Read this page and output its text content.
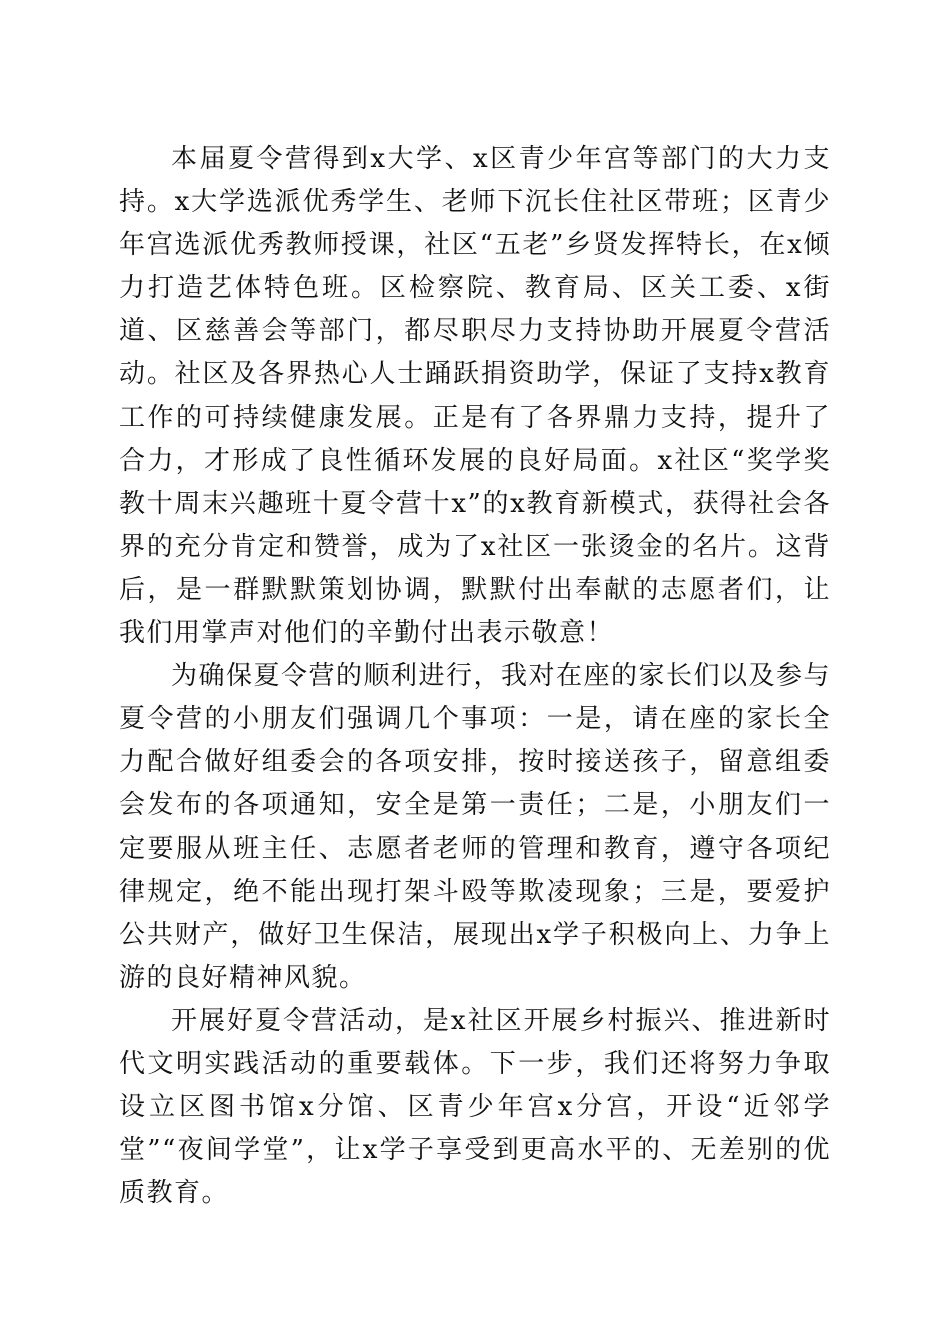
本届夏令营得到x大学、x区青少年宫等部门的大力支持。x大学选派优秀学生、老师下沉长住社区带班；区青少年宫选派优秀教师授课，社区“五老”乡贤发挥特长，在x倾力打造艺体特色班。区检察院、教育局、区关工委、x街道、区慈善会等部门，都尽职尽力支持协助开展夏令营活动。社区及各界热心人士踊跃捐资助学，保证了支持x教育工作的可持续健康发展。正是有了各界鼎力支持，提升了合力，才形成了良性循环发展的良好局面。x社区“奖学奖教十周末兴趣班十夏令营十x”的x教育新模式，获得社会各界的充分肯定和赞誉，成为了x社区一张烫金的名片。这背后，是一群默默策划协调，默默付出奉献的志愿者们，让我们用掌声对他们的辛勤付出表示敬意！

为确保夏令营的顺利进行，我对在座的家长们以及参与夏令营的小朋友们强调几个事项：一是，请在座的家长全力配合做好组委会的各项安排，按时接送孩子，留意组委会发布的各项通知，安全是第一责任；二是，小朋友们一定要服从班主任、志愿者老师的管理和教育，遵守各项纪律规定，绝不能出现打架斗殴等欺凌现象；三是，要爱护公共财产，做好卫生保洁，展现出x学子积极向上、力争上游的良好精神风貌。

开展好夏令营活动，是x社区开展乡村振兴、推进新时代文明实践活动的重要载体。下一步，我们还将努力争取设立区图书馆x分馆、区青少年宫x分宫，开设“近邻学堂”“夜间学堂”，让x学子享受到更高水平的、无差别的优质教育。
